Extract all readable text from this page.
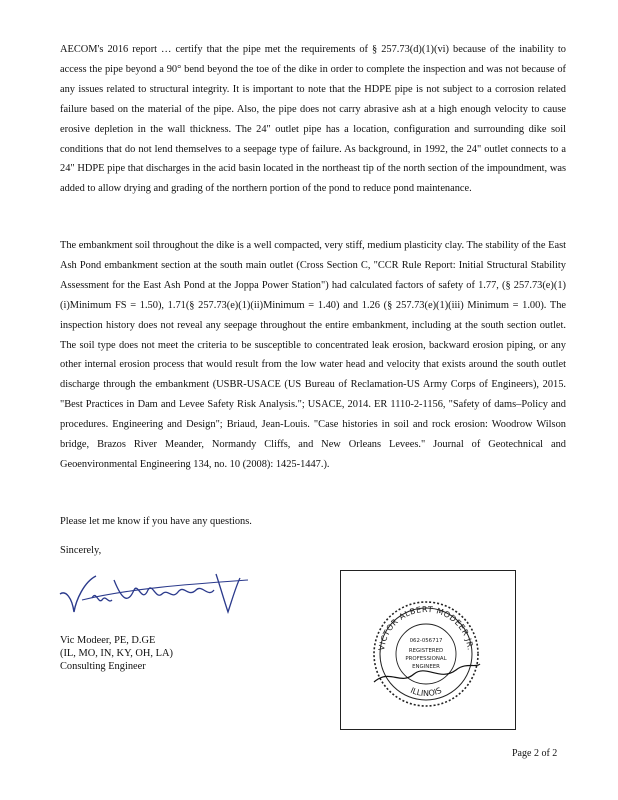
AECOM's 2016 report … certify that the pipe met the requirements of § 257.73(d)(1)(vi) because of the inability to access the pipe beyond a 90° bend beyond the toe of the dike in order to complete the inspection and was not because of any issues related to structural integrity. It is important to note that the HDPE pipe is not subject to a corrosion related failure based on the material of the pipe. Also, the pipe does not carry abrasive ash at a high enough velocity to cause erosive depletion in the wall thickness. The 24" outlet pipe has a location, configuration and surrounding dike soil conditions that do not lend themselves to a seepage type of failure. As background, in 1992, the 24" outlet connects to a 24" HDPE pipe that discharges in the acid basin located in the northeast tip of the north section of the impoundment, was added to allow drying and grading of the northern portion of the pond to reduce pond maintenance.

The embankment soil throughout the dike is a well compacted, very stiff, medium plasticity clay. The stability of the East Ash Pond embankment section at the south main outlet (Cross Section C, "CCR Rule Report: Initial Structural Stability Assessment for the East Ash Pond at the Joppa Power Station") had calculated factors of safety of 1.77, (§ 257.73(e)(1)(i)Minimum FS = 1.50), 1.71(§ 257.73(e)(1)(ii)Minimum = 1.40) and 1.26 (§ 257.73(e)(1)(iii) Minimum = 1.00). The inspection history does not reveal any seepage throughout the entire embankment, including at the south section outlet. The soil type does not meet the criteria to be susceptible to concentrated leak erosion, backward erosion piping, or any other internal erosion process that would result from the low water head and velocity that exists around the south outlet discharge through the embankment (USBR-USACE (US Bureau of Reclamation-US Army Corps of Engineers), 2015. "Best Practices in Dam and Levee Safety Risk Analysis."; USACE, 2014. ER 1110-2-1156, "Safety of dams–Policy and procedures. Engineering and Design"; Briaud, Jean-Louis. "Case histories in soil and rock erosion: Woodrow Wilson bridge, Brazos River Meander, Normandy Cliffs, and New Orleans Levees." Journal of Geotechnical and Geoenvironmental Engineering 134, no. 10 (2008): 1425-1447.).

Please let me know if you have any questions.

Sincerely,
Vic Modeer, PE, D.GE
(IL, MO, IN, KY, OH, LA)
Consulting Engineer
VICTOR ALBERT MODEER JR.
ILLINOIS
062-056717
REGISTERED
PROFESSIONAL
ENGINEER
Page 2 of 2
